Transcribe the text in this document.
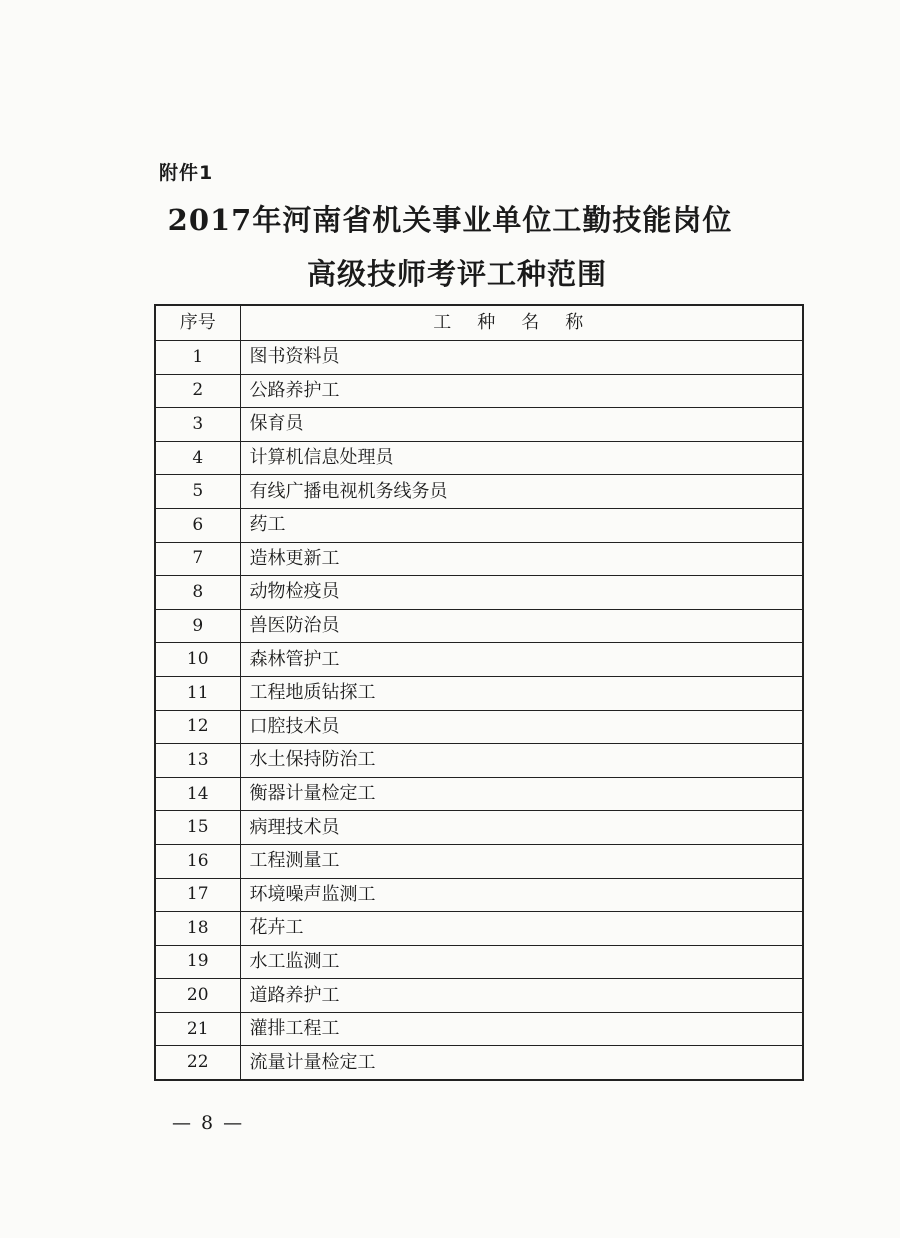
附件1
2017年河南省机关事业单位工勤技能岗位
高级技师考评工种范围
序号	工种名称
1	图书资料员
2	公路养护工
3	保育员
4	计算机信息处理员
5	有线广播电视机务线务员
6	药工
7	造林更新工
8	动物检疫员
9	兽医防治员
10	森林管护工
11	工程地质钻探工
12	口腔技术员
13	水土保持防治工
14	衡器计量检定工
15	病理技术员
16	工程测量工
17	环境噪声监测工
18	花卉工
19	水工监测工
20	道路养护工
21	灌排工程工
22	流量计量检定工
— 8 —
